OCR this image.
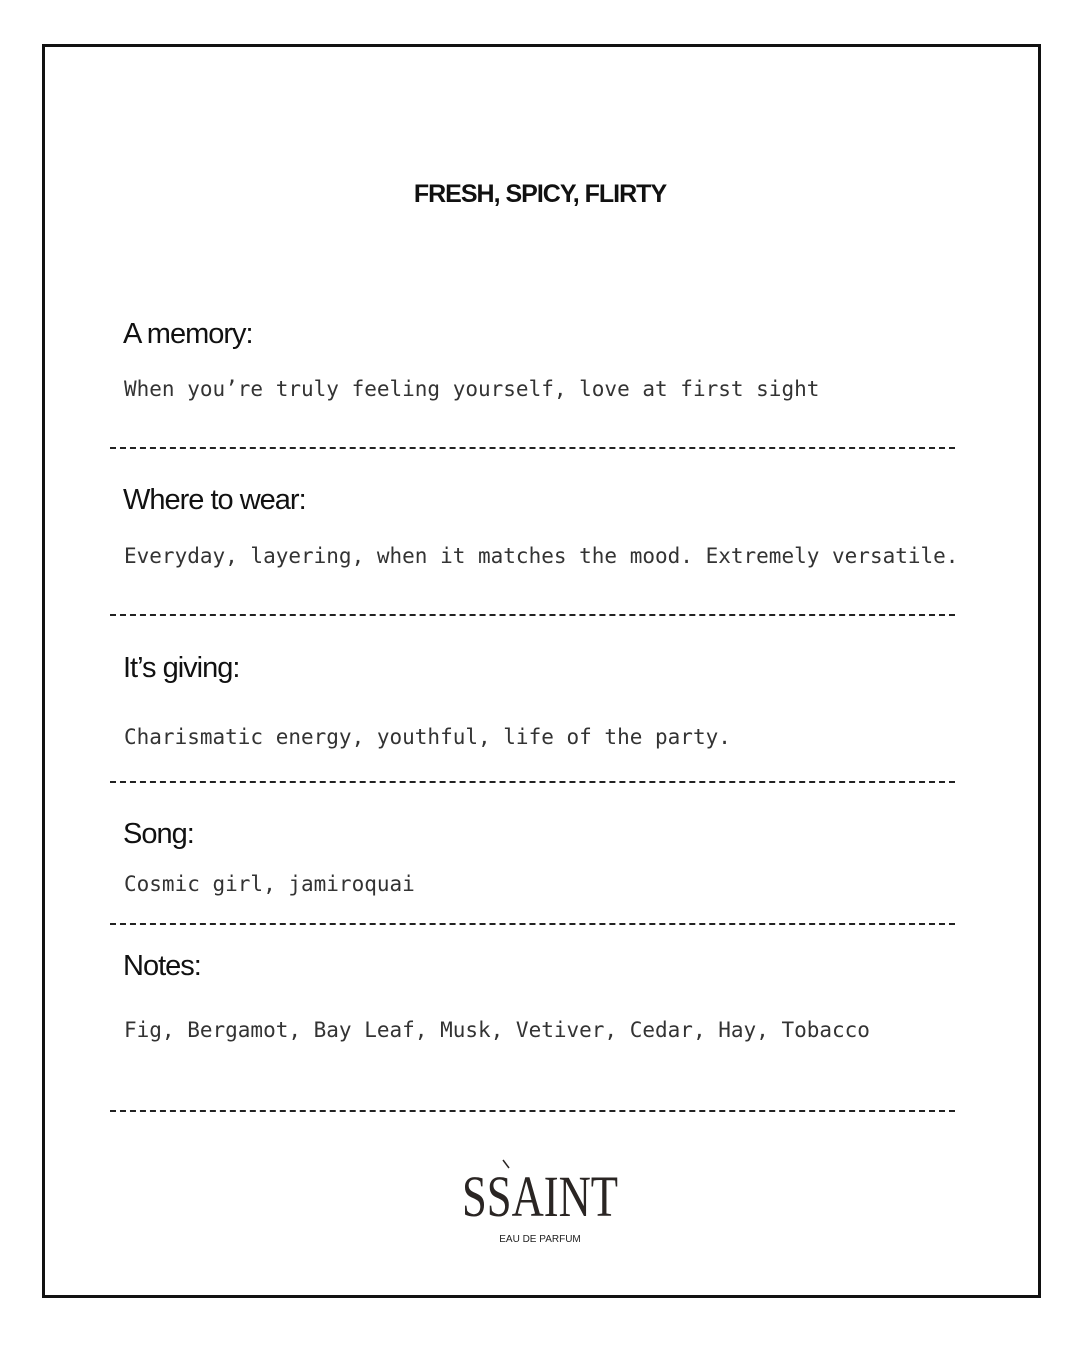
FRESH, SPICY, FLIRTY
A memory:
When you’re truly feeling yourself, love at first sight
Where to wear:
Everyday, layering, when it matches the mood. Extremely versatile.
It’s giving:
Charismatic energy, youthful, life of the party.
Song:
Cosmic girl, jamiroquai
Notes:
Fig, Bergamot, Bay Leaf, Musk, Vetiver, Cedar, Hay, Tobacco
SSAINT
EAU DE PARFUM
